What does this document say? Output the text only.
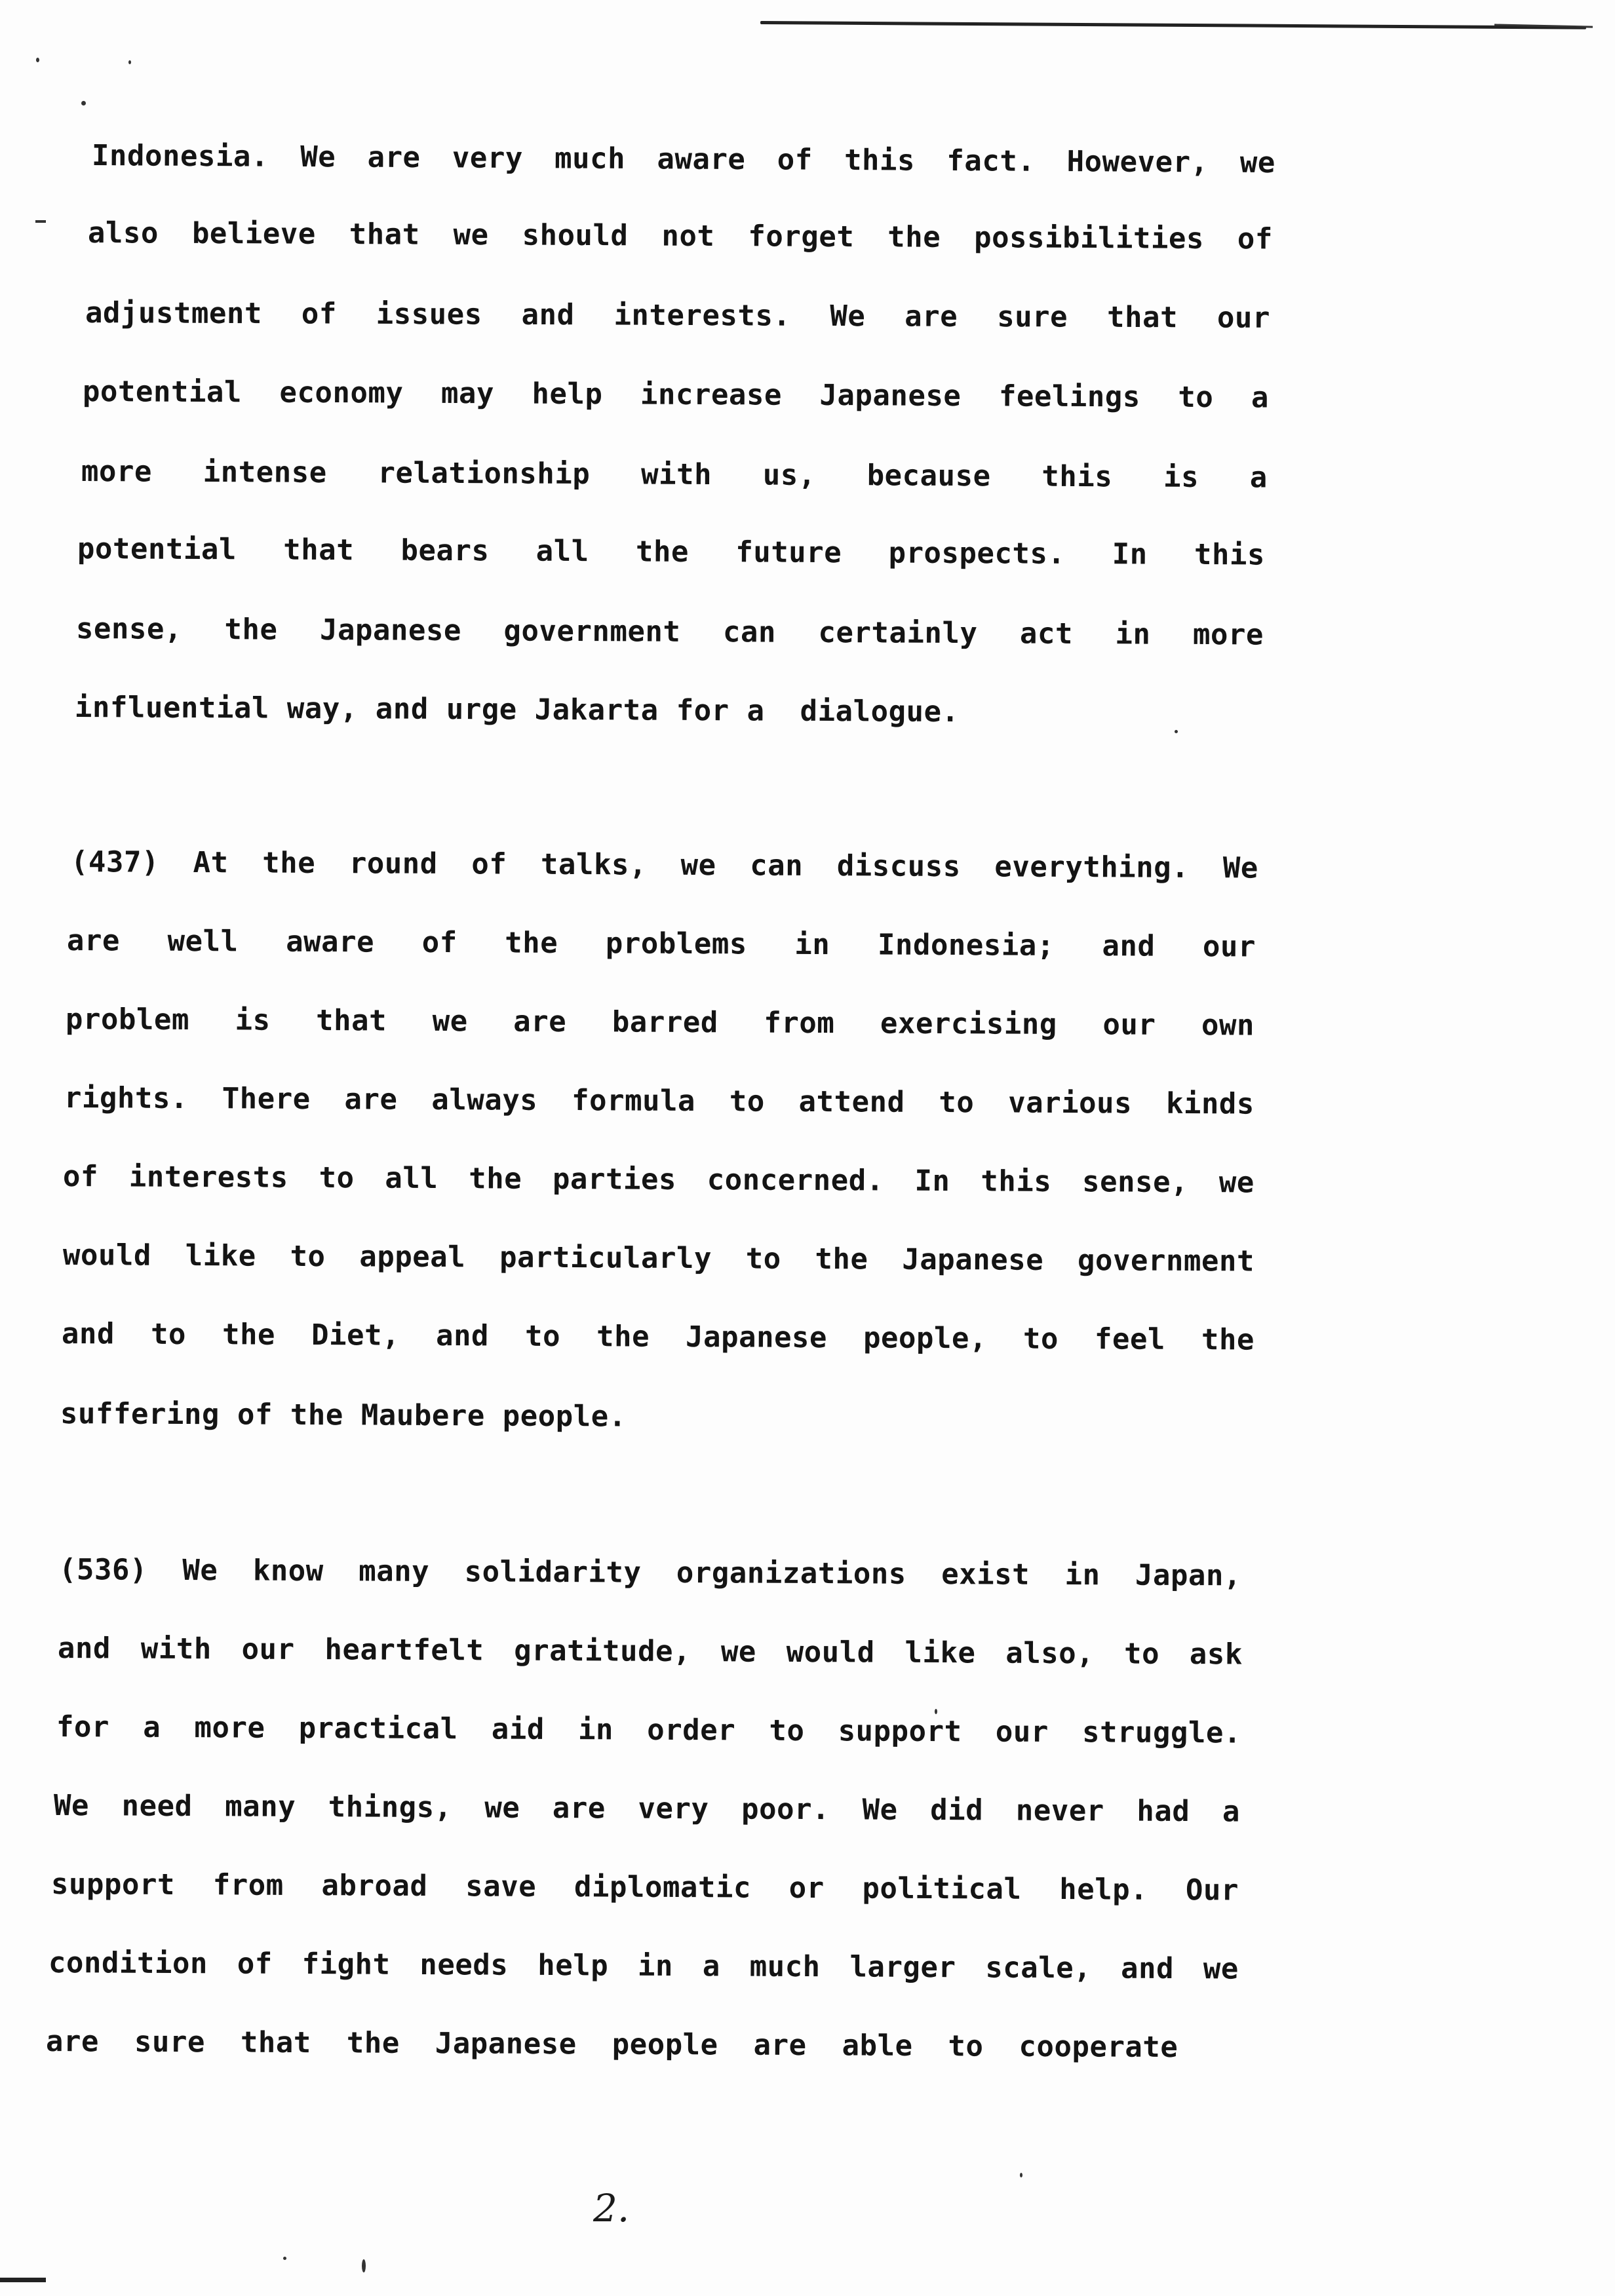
Indonesia. We are very much aware of this fact. However, we
also believe that we should not forget the possibilities of
adjustment of issues and interests. We are sure that our
potential economy may help increase Japanese feelings to a
more intense relationship with us, because this is a
potential that bears all the future prospects. In this
sense, the Japanese government can certainly act in more
influential way, and urge Jakarta for a  dialogue.
(437) At the round of talks, we can discuss everything. We
are well aware of the problems in Indonesia; and our
problem is that we are barred from exercising our own
rights. There are always formula to attend to various kinds
of interests to all the parties concerned. In this sense, we
would like to appeal particularly to the Japanese government
and to the Diet, and to the Japanese people, to feel the
suffering of the Maubere people.
(536) We know many solidarity organizations exist in Japan,
and with our heartfelt gratitude, we would like also, to ask
for a more practical aid in order to support our struggle.
We need many things, we are very poor. We did never had a
support from abroad save diplomatic or political help. Our
condition of fight needs help in a much larger scale, and we
are  sure  that  the  Japanese  people  are  able  to  cooperate
2.
